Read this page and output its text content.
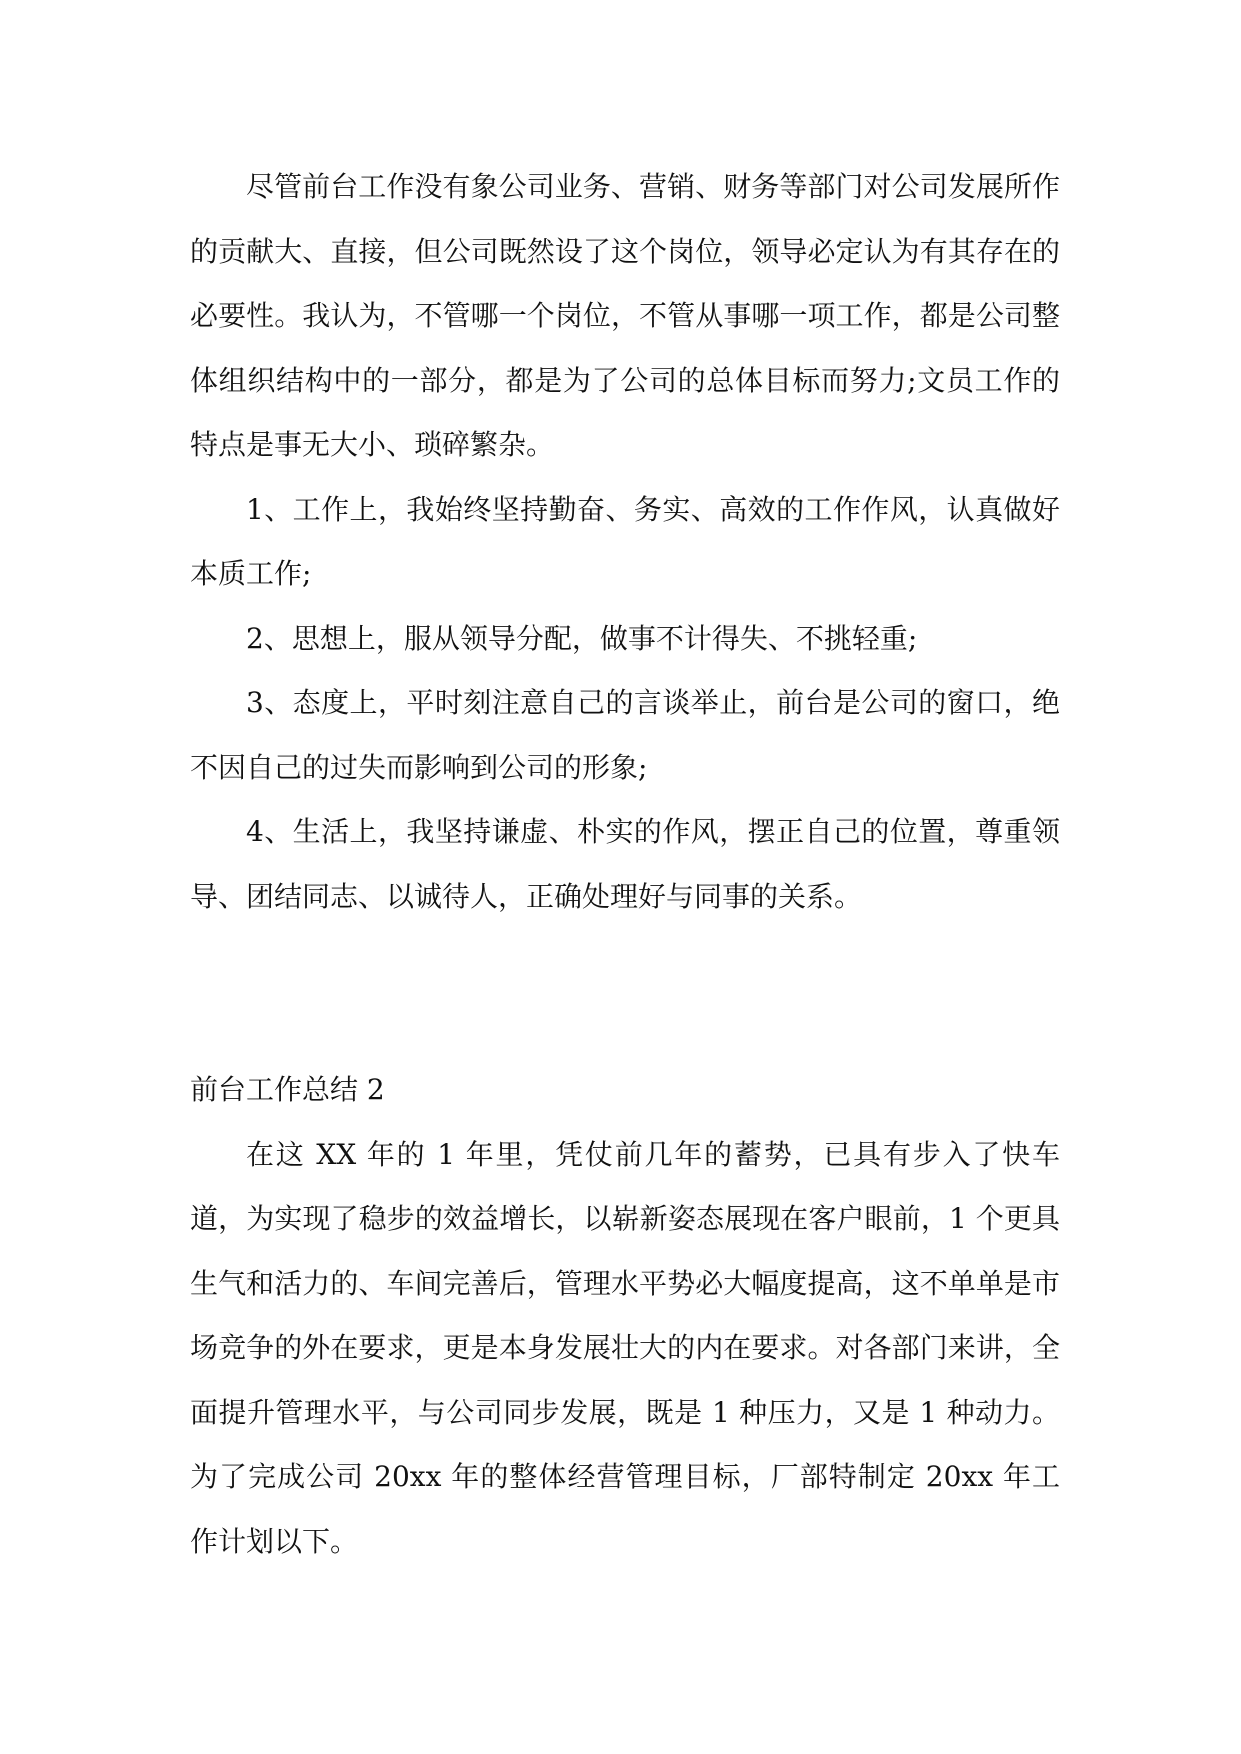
尽管前台工作没有象公司业务、营销、财务等部门对公司发展所作的贡献大、直接，但公司既然设了这个岗位，领导必定认为有其存在的必要性。我认为，不管哪一个岗位，不管从事哪一项工作，都是公司整体组织结构中的一部分，都是为了公司的总体目标而努力;文员工作的特点是事无大小、琐碎繁杂。

1、工作上，我始终坚持勤奋、务实、高效的工作作风，认真做好本质工作;

2、思想上，服从领导分配，做事不计得失、不挑轻重;

3、态度上，平时刻注意自己的言谈举止，前台是公司的窗口，绝不因自己的过失而影响到公司的形象;

4、生活上，我坚持谦虚、朴实的作风，摆正自己的位置，尊重领导、团结同志、以诚待人，正确处理好与同事的关系。

前台工作总结 2

在这 XX 年的 1 年里，凭仗前几年的蓄势，已具有步入了快车道，为实现了稳步的效益增长，以崭新姿态展现在客户眼前，1 个更具生气和活力的、车间完善后，管理水平势必大幅度提高，这不单单是市场竞争的外在要求，更是本身发展壮大的内在要求。对各部门来讲，全面提升管理水平，与公司同步发展，既是 1 种压力，又是 1 种动力。为了完成公司 20xx 年的整体经营管理目标，厂部特制定 20xx 年工作计划以下。
